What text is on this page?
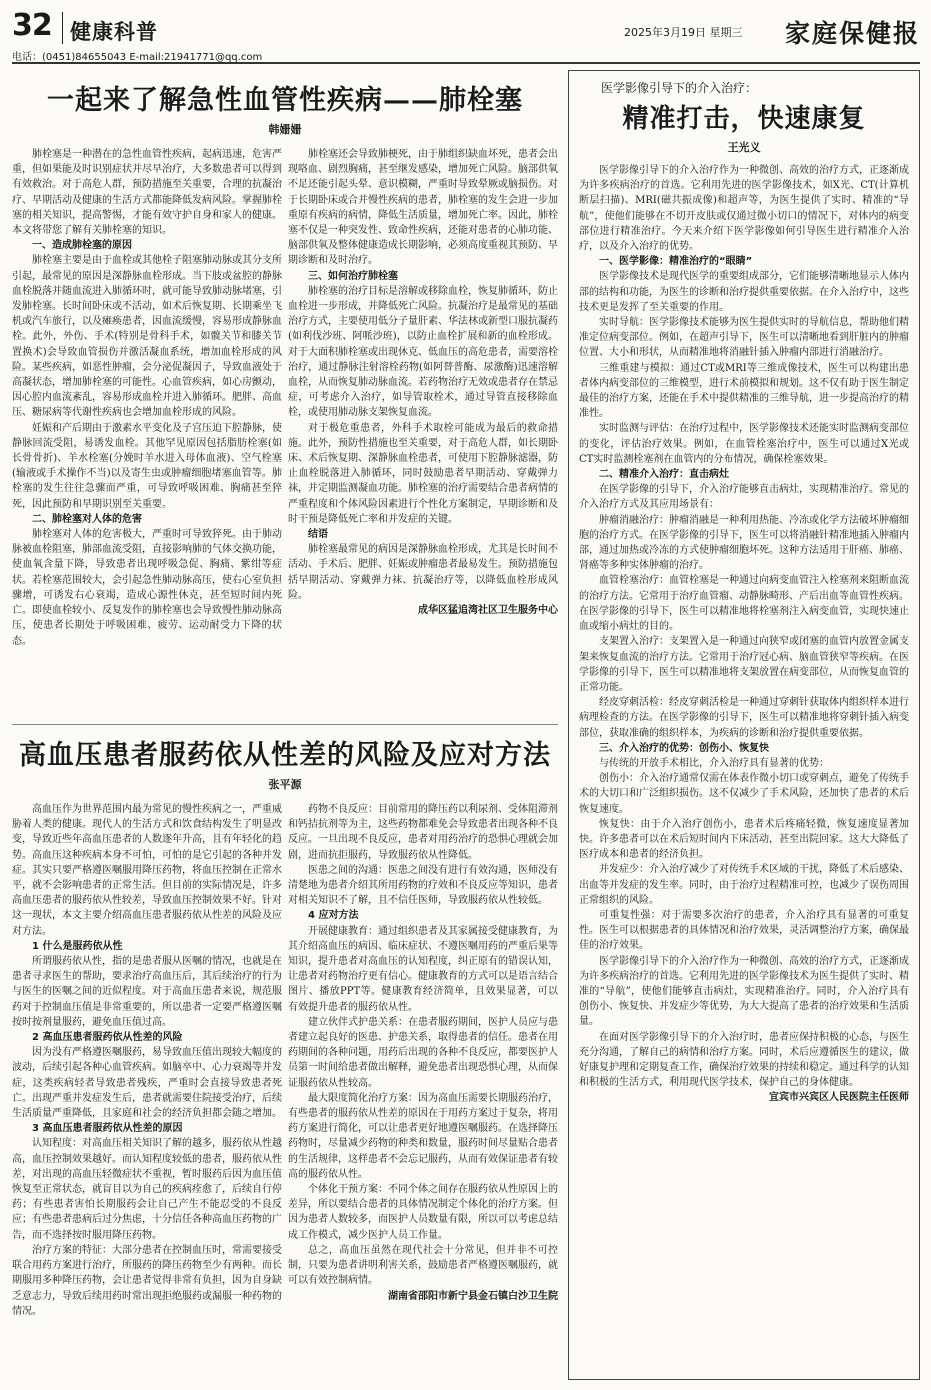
32 健康科普	2025年3月19日 星期三 家庭保健报
电话：(0451)84655043 E-mail:21941771@qq.com
一起来了解急性血管性疾病——肺栓塞
韩姗姗

肺栓塞是一种潜在的急性血管性疾病，起病迅速，危害严重，但如果能及时识别症状并尽早治疗，大多数患者可以得到有效救治。对于高危人群，预防措施至关重要，合理的抗凝治疗、早期活动及健康的生活方式都能降低发病风险。掌握肺栓塞的相关知识，提高警惕，才能有效守护自身和家人的健康。本文将带您了解有关肺栓塞的知识。

一、造成肺栓塞的原因

肺栓塞主要是由于血栓或其他栓子阻塞肺动脉或其分支所引起，最常见的原因是深静脉血栓形成。当下肢或盆腔的静脉血栓脱落并随血流进入肺循环时，就可能导致肺动脉堵塞，引发肺栓塞。长时间卧床或不活动，如术后恢复期、长期乘坐飞机或汽车旅行，以及瘫痪患者，因血流缓慢，容易形成静脉血栓。此外，外伤、手术(特别是骨科手术，如髋关节和膝关节置换术)会导致血管损伤并激活凝血系统，增加血栓形成的风险。某些疾病，如恶性肿瘤，会分泌促凝因子，导致血液处于高凝状态，增加肺栓塞的可能性。心血管疾病，如心房颤动，因心腔内血流紊乱，容易形成血栓并进入肺循环。肥胖、高血压、糖尿病等代谢性疾病也会增加血栓形成的风险。

妊娠和产后期由于激素水平变化及子宫压迫下腔静脉，使静脉回流受阻，易诱发血栓。其他罕见原因包括脂肪栓塞(如长骨骨折)、羊水栓塞(分娩时羊水进入母体血液)、空气栓塞(输液或手术操作不当)以及寄生虫或肿瘤细胞堵塞血管等。肺栓塞的发生往往急骤而严重，可导致呼吸困难、胸痛甚至猝死，因此预防和早期识别至关重要。

二、肺栓塞对人体的危害

肺栓塞对人体的危害极大，严重时可导致猝死。由于肺动脉被血栓阻塞，肺部血流受阻，直接影响肺的气体交换功能，使血氧含量下降，导致患者出现呼吸急促、胸痛、紫绀等症状。若栓塞范围较大，会引起急性肺动脉高压，使右心室负担骤增，可诱发右心衰竭，造成心源性休克，甚至短时间内死亡。即使血栓较小、反复发作的肺栓塞也会导致慢性肺动脉高压，使患者长期处于呼吸困难、疲劳、运动耐受力下降的状态。

肺栓塞还会导致肺梗死，由于肺组织缺血坏死，患者会出现咯血、剧烈胸痛，甚至继发感染，增加死亡风险。脑部供氧不足还能引起头晕、意识模糊，严重时导致晕厥或脑损伤。对于长期卧床或合并慢性疾病的患者，肺栓塞的发生会进一步加重原有疾病的病情，降低生活质量，增加死亡率。因此，肺栓塞不仅是一种突发性、致命性疾病，还能对患者的心肺功能、脑部供氧及整体健康造成长期影响，必须高度重视其预防、早期诊断和及时治疗。

三、如何治疗肺栓塞

肺栓塞的治疗目标是溶解或移除血栓，恢复肺循环，防止血栓进一步形成，并降低死亡风险。抗凝治疗是最常见的基础治疗方式，主要使用低分子量肝素、华法林或新型口服抗凝药(如利伐沙班、阿哌沙班)，以防止血栓扩展和新的血栓形成。对于大面积肺栓塞或出现休克、低血压的高危患者，需要溶栓治疗，通过静脉注射溶栓药物(如阿替普酶、尿激酶)迅速溶解血栓，从而恢复肺动脉血流。若药物治疗无效或患者存在禁忌症，可考虑介入治疗，如导管取栓术，通过导管直接移除血栓，或使用肺动脉支架恢复血流。

对于极危重患者，外科手术取栓可能成为最后的救命措施。此外，预防性措施也至关重要，对于高危人群，如长期卧床、术后恢复期、深静脉血栓患者，可使用下腔静脉滤器，防止血栓脱落进入肺循环，同时鼓励患者早期活动、穿戴弹力袜，并定期监测凝血功能。肺栓塞的治疗需要结合患者病情的严重程度和个体风险因素进行个性化方案制定，早期诊断和及时干预是降低死亡率和并发症的关键。

结语

肺栓塞最常见的病因是深静脉血栓形成，尤其是长时间不活动、手术后、肥胖、妊娠或肿瘤患者最易发生。预防措施包括早期活动、穿戴弹力袜、抗凝治疗等，以降低血栓形成风险。

成华区猛追湾社区卫生服务中心
高血压患者服药依从性差的风险及应对方法
张平源

高血压作为世界范围内最为常见的慢性疾病之一，严重威胁着人类的健康。现代人的生活方式和饮食结构发生了明显改变，导致近些年高血压患者的人数逐年升高，且有年轻化的趋势。高血压这种疾病本身不可怕，可怕的是它引起的各种并发症。其实只要严格遵医嘱服用降压药物，将血压控制在正常水平，就不会影响患者的正常生活。但目前的实际情况是，许多高血压患者的服药依从性较差，导致血压控制效果不好。针对这一现状，本文主要介绍高血压患者服药依从性差的风险及应对方法。

1 什么是服药依从性

所谓服药依从性，指的是患者服从医嘱的情况，也就是在患者寻求医生的帮助，要求治疗高血压后，其后续治疗的行为与医生的医嘱之间的近似程度。对于高血压患者来说，规范服药对于控制血压值是非常重要的，所以患者一定要严格遵医嘱按时按剂量服药，避免血压值过高。

2 高血压患者服药依从性差的风险

因为没有严格遵医嘱服药，易导致血压值出现较大幅度的波动，后续引起各种心血管疾病。如脑卒中、心力衰竭等并发症，这类疾病轻者导致患者残疾，严重时会直接导致患者死亡。出现严重并发症发生后，患者就需要住院接受治疗，后续生活质量严重降低，且家庭和社会的经济负担都会随之增加。

3 高血压患者服药依从性差的原因

认知程度：对高血压相关知识了解的越多，服药依从性越高，血压控制效果越好。而认知程度较低的患者，服药依从性差，对出现的高血压轻微症状不重视，暂时服药后因为血压值恢复至正常状态，就盲目以为自己的疾病痊愈了，后续自行停药；有些患者害怕长期服药会让自己产生不能忍受的不良反应；有些患者患病后过分焦虑，十分信任各种高血压药物的广告，而不选择按时服用降压药物。

治疗方案的特征：大部分患者在控制血压时，常需要接受联合用药方案进行治疗，所服药的降压药物至少有两种。而长期服用多种降压药物，会让患者觉得非常有负担，因为自身缺乏意志力，导致后续用药时常出现拒绝服药或漏服一种药物的情况。

药物不良反应：目前常用的降压药以利尿剂、受体阻滞剂和钙拮抗剂等为主，这些药物都难免会导致患者出现各种不良反应。一旦出现不良反应，患者对用药治疗的恐惧心理就会加剧，进而抗拒服药，导致服药依从性降低。

医患之间的沟通：医患之间没有进行有效沟通，医师没有清楚地为患者介绍其所用药物的疗效和不良反应等知识，患者对相关知识不了解，且不信任医师，导致服药依从性较低。

4 应对方法

开展健康教育：通过组织患者及其家属接受健康教育，为其介绍高血压的病因、临床症状、不遵医嘱用药的严重后果等知识，提升患者对高血压的认知程度，纠正原有的错误认知，让患者对药物治疗更有信心。健康教育的方式可以是语言结合图片、播放PPT等。健康教育经济简单，且效果显著，可以有效提升患者的服药依从性。

建立伙伴式护患关系：在患者服药期间，医护人员应与患者建立起良好的医患、护患关系，取得患者的信任。患者在用药期间的各种问题，用药后出现的各种不良反应，都要医护人员第一时间给患者做出解释，避免患者出现恐惧心理，从而保证服药依从性较高。

最大限度简化治疗方案：因为高血压需要长期服药治疗，有些患者的服药依从性差的原因在于用药方案过于复杂，将用药方案进行简化，可以让患者更好地遵医嘱服药。在选择降压药物时，尽量减少药物的种类和数量，服药时间尽量贴合患者的生活规律，这样患者不会忘记服药，从而有效保证患者有较高的服药依从性。

个体化干预方案：不同个体之间存在服药依从性原因上的差异，所以要结合患者的具体情况制定个体化的治疗方案。但因为患者人数较多，而医护人员数量有限，所以可以考虑总结成工作模式，减少医护人员工作量。

总之，高血压虽然在现代社会十分常见，但并非不可控制，只要为患者讲明利害关系，鼓励患者严格遵医嘱服药，就可以有效控制病情。

湖南省邵阳市新宁县金石镇白沙卫生院
医学影像引导下的介入治疗：
精准打击，快速康复
王光义

医学影像引导下的介入治疗作为一种微创、高效的治疗方式，正逐渐成为许多疾病治疗的首选。它利用先进的医学影像技术，如X光、CT(计算机断层扫描)、MRI(磁共振成像)和超声等，为医生提供了实时、精准的“导航”，使他们能够在不切开皮肤或仅通过微小切口的情况下，对体内的病变部位进行精准治疗。今天来介绍下医学影像如何引导医生进行精准介入治疗，以及介入治疗的优势。

一、医学影像：精准治疗的“眼睛”

医学影像技术是现代医学的重要组成部分，它们能够清晰地显示人体内部的结构和功能，为医生的诊断和治疗提供重要依据。在介入治疗中，这些技术更是发挥了至关重要的作用。

实时导航：医学影像技术能够为医生提供实时的导航信息，帮助他们精准定位病变部位。例如，在超声引导下，医生可以清晰地看到肝脏内的肿瘤位置、大小和形状，从而精准地将消融针插入肿瘤内部进行消融治疗。

三维重建与模拟：通过CT或MRI等三维成像技术，医生可以构建出患者体内病变部位的三维模型，进行术前模拟和规划。这不仅有助于医生制定最佳的治疗方案，还能在手术中提供精准的三维导航，进一步提高治疗的精准性。

实时监测与评估：在治疗过程中，医学影像技术还能实时监测病变部位的变化，评估治疗效果。例如，在血管栓塞治疗中，医生可以通过X光或CT实时监测栓塞剂在血管内的分布情况，确保栓塞效果。

二、精准介入治疗：直击病灶

在医学影像的引导下，介入治疗能够直击病灶，实现精准治疗。常见的介入治疗方式及其应用场景有：

肿瘤消融治疗：肿瘤消融是一种利用热能、冷冻或化学方法破坏肿瘤细胞的治疗方式。在医学影像的引导下，医生可以将消融针精准地插入肿瘤内部，通过加热或冷冻的方式使肿瘤细胞坏死。这种方法适用于肝癌、肺癌、肾癌等多种实体肿瘤的治疗。

血管栓塞治疗：血管栓塞是一种通过向病变血管注入栓塞剂来阻断血流的治疗方法。它常用于治疗血管瘤、动静脉畸形、产后出血等血管性疾病。在医学影像的引导下，医生可以精准地将栓塞剂注入病变血管，实现快速止血或缩小病灶的目的。

支架置入治疗：支架置入是一种通过向狭窄或闭塞的血管内放置金属支架来恢复血流的治疗方法。它常用于治疗冠心病、脑血管狭窄等疾病。在医学影像的引导下，医生可以精准地将支架放置在病变部位，从而恢复血管的正常功能。

经皮穿刺活检：经皮穿刺活检是一种通过穿刺针获取体内组织样本进行病理检查的方法。在医学影像的引导下，医生可以精准地将穿刺针插入病变部位，获取准确的组织样本，为疾病的诊断和治疗提供重要依据。

三、介入治疗的优势：创伤小、恢复快

与传统的开放手术相比，介入治疗具有显著的优势：

创伤小：介入治疗通常仅需在体表作微小切口或穿刺点，避免了传统手术的大切口和广泛组织损伤。这不仅减少了手术风险，还加快了患者的术后恢复速度。

恢复快：由于介入治疗创伤小，患者术后疼痛轻微，恢复速度显著加快。许多患者可以在术后短时间内下床活动，甚至出院回家。这大大降低了医疗成本和患者的经济负担。

并发症少：介入治疗减少了对传统手术区域的干扰，降低了术后感染、出血等并发症的发生率。同时，由于治疗过程精准可控，也减少了误伤周围正常组织的风险。

可重复性强：对于需要多次治疗的患者，介入治疗具有显著的可重复性。医生可以根据患者的具体情况和治疗效果，灵活调整治疗方案，确保最佳的治疗效果。

医学影像引导下的介入治疗作为一种微创、高效的治疗方式，正逐渐成为许多疾病治疗的首选。它利用先进的医学影像技术为医生提供了实时、精准的“导航”，使他们能够直击病灶，实现精准治疗。同时，介入治疗具有创伤小、恢复快、并发症少等优势，为大大提高了患者的治疗效果和生活质量。

在面对医学影像引导下的介入治疗时，患者应保持积极的心态，与医生充分沟通，了解自己的病情和治疗方案。同时，术后应遵循医生的建议，做好康复护理和定期复查工作，确保治疗效果的持续和稳定。通过科学的认知和积极的生活方式，利用现代医学技术，保护自己的身体健康。

宜宾市兴宾区人民医院主任医师
